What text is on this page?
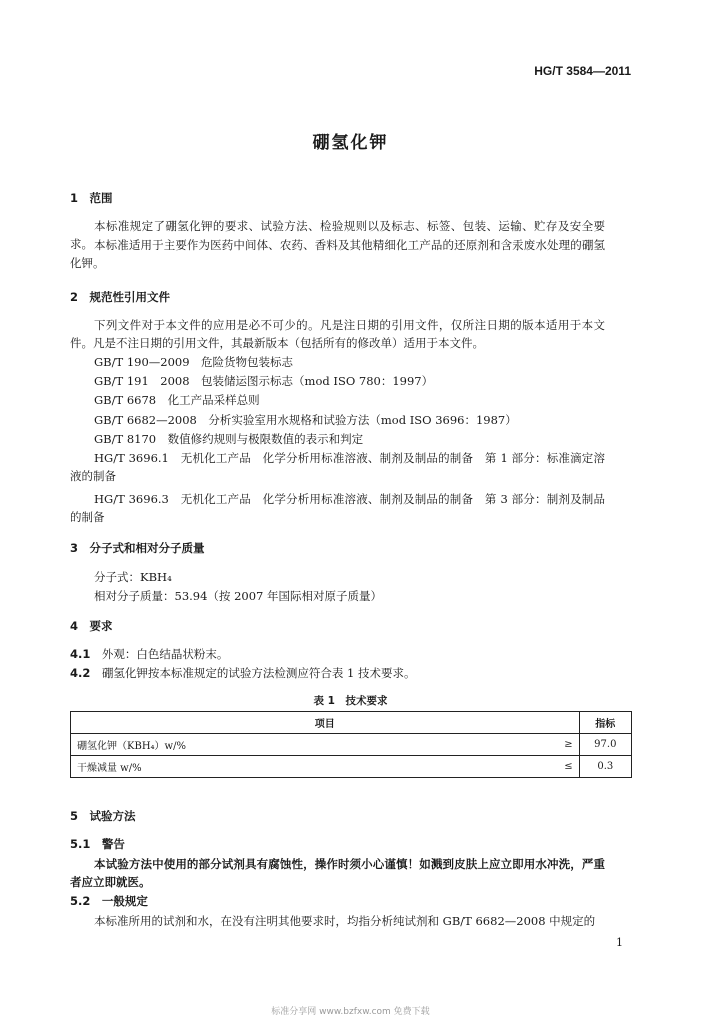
HG/T 3584—2011
硼氢化钾
1  范围
本标准规定了硼氢化钾的要求、试验方法、检验规则以及标志、标签、包装、运输、贮存及安全要求。 本标准适用于主要作为医药中间体、农药、香料及其他精细化工产品的还原剂和含汞废水处理的硼氢化钾。
2  规范性引用文件
下列文件对于本文件的应用是必不可少的。凡是注日期的引用文件，仅所注日期的版本适用于本文件。凡是不注日期的引用文件，其最新版本（包括所有的修改单）适用于本文件。
GB/T 190—2009　危险货物包装标志
GB/T 191　2008　包装储运图示标志（mod ISO 780：1997）
GB/T 6678　化工产品采样总则
GB/T 6682—2008　分析实验室用水规格和试验方法（mod ISO 3696：1987）
GB/T 8170　数值修约规则与极限数值的表示和判定
HG/T 3696.1　无机化工产品　化学分析用标准溶液、制剂及制品的制备　第 1 部分：标准滴定溶液的制备
HG/T 3696.3　无机化工产品　化学分析用标准溶液、制剂及制品的制备　第 3 部分：制剂及制品的制备
3  分子式和相对分子质量
分子式：KBH₄
相对分子质量：53.94（按 2007 年国际相对原子质量）
4  要求
4.1  外观：白色结晶状粉末。
4.2  硼氢化钾按本标准规定的试验方法检测应符合表 1 技术要求。
表 1　技术要求
项目		指标
硼氢化钾（KBH₄）w/%	≥	97.0
干燥减量 w/%	≤	0.3
5  试验方法
5.1  警告
本试验方法中使用的部分试剂具有腐蚀性，操作时须小心谨慎！如溅到皮肤上应立即用水冲洗，严重者应立即就医。
5.2  一般规定
本标准所用的试剂和水，在没有注明其他要求时，均指分析纯试剂和 GB/T 6682—2008 中规定的
1
标准分享网 www.bzfxw.com 免费下载
